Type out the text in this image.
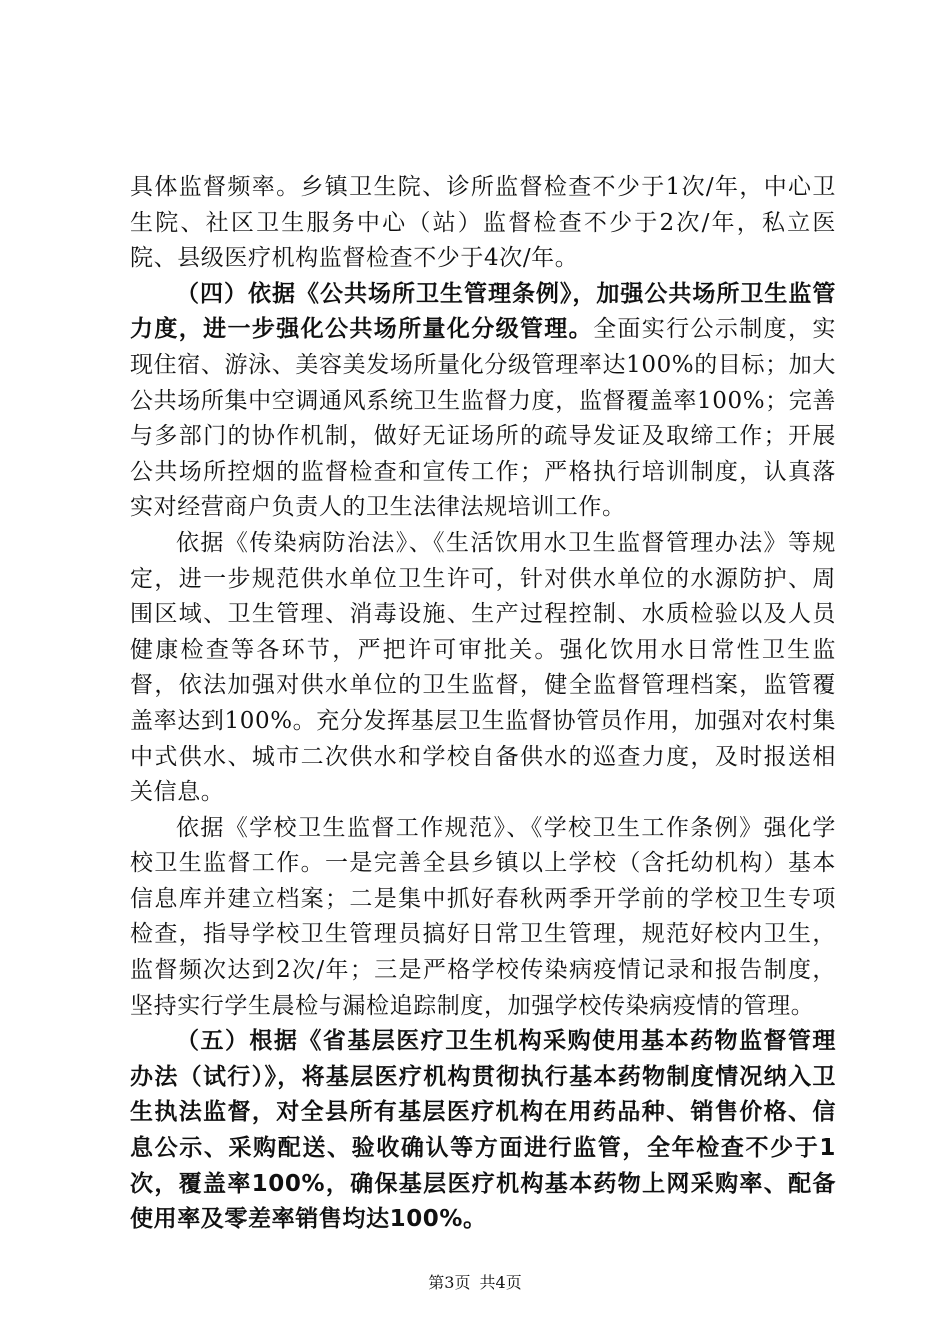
具体监督频率。乡镇卫生院、诊所监督检查不少于1次/年，中心卫生院、社区卫生服务中心（站）监督检查不少于2次/年，私立医院、县级医疗机构监督检查不少于4次/年。

（四）依据《公共场所卫生管理条例》，加强公共场所卫生监管力度，进一步强化公共场所量化分级管理。全面实行公示制度，实现住宿、游泳、美容美发场所量化分级管理率达100%的目标；加大公共场所集中空调通风系统卫生监督力度，监督覆盖率100%；完善与多部门的协作机制，做好无证场所的疏导发证及取缔工作；开展公共场所控烟的监督检查和宣传工作；严格执行培训制度，认真落实对经营商户负责人的卫生法律法规培训工作。

依据《传染病防治法》、《生活饮用水卫生监督管理办法》等规定，进一步规范供水单位卫生许可，针对供水单位的水源防护、周围区域、卫生管理、消毒设施、生产过程控制、水质检验以及人员健康检查等各环节，严把许可审批关。强化饮用水日常性卫生监督，依法加强对供水单位的卫生监督，健全监督管理档案，监管覆盖率达到100%。充分发挥基层卫生监督协管员作用，加强对农村集中式供水、城市二次供水和学校自备供水的巡查力度，及时报送相关信息。

依据《学校卫生监督工作规范》、《学校卫生工作条例》强化学校卫生监督工作。一是完善全县乡镇以上学校（含托幼机构）基本信息库并建立档案；二是集中抓好春秋两季开学前的学校卫生专项检查，指导学校卫生管理员搞好日常卫生管理，规范好校内卫生，监督频次达到2次/年；三是严格学校传染病疫情记录和报告制度，坚持实行学生晨检与漏检追踪制度，加强学校传染病疫情的管理。

（五）根据《省基层医疗卫生机构采购使用基本药物监督管理办法（试行）》，将基层医疗机构贯彻执行基本药物制度情况纳入卫生执法监督，对全县所有基层医疗机构在用药品种、销售价格、信息公示、采购配送、验收确认等方面进行监管，全年检查不少于1次，覆盖率100%，确保基层医疗机构基本药物上网采购率、配备使用率及零差率销售均达100%。

第3页 共4页
